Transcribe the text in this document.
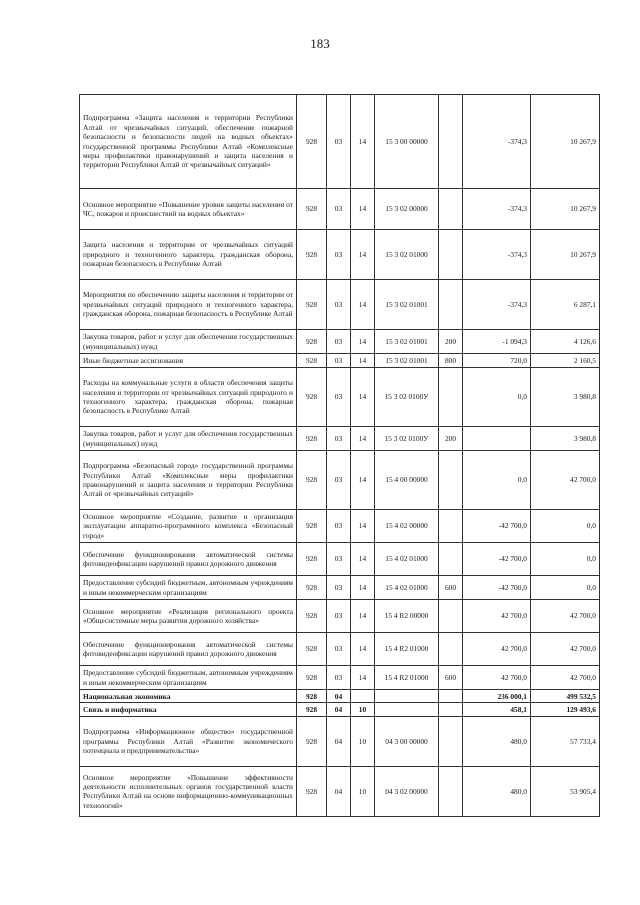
183
Подпрограмма «Защита населения и территории Республики Алтай от чрезвычайных ситуаций, обеспечение пожарной безопасности и безопасности людей на водных объектах» государственной программы Республики Алтай «Комплексные меры профилактики правонарушений и защита населения и территории Республики Алтай от чрезвычайных ситуаций»	928	03	14	15 3 00 00000		-374,3	10 267,9
Основное мероприятие «Повышение уровня защиты населения от ЧС, пожаров и происшествий на водных объектах»	928	03	14	15 3 02 00000		-374,3	10 267,9
Защита населения и территории от чрезвычайных ситуаций природного и техногенного характера, гражданская оборона, пожарная безопасность в Республике Алтай	928	03	14	15 3 02 01000		-374,3	10 267,9
Мероприятия по обеспечению защиты населения и территории от чрезвычайных ситуаций природного и техногенного характера, гражданская оборона, пожарная безопасность в Республике Алтай	928	03	14	15 3 02 01001		-374,3	6 287,1
Закупка товаров, работ и услуг для обеспечения государственных (муниципальных) нужд	928	03	14	15 3 02 01001	200	-1 094,3	4 126,6
Иные бюджетные ассигнования	928	03	14	15 3 02 01001	800	720,0	2 160,5
Расходы на коммунальные услуги в области обеспечения защиты населения и территории от чрезвычайных ситуаций природного и техногенного характера, гражданская оборона, пожарная безопасность в Республике Алтай	928	03	14	15 3 02 0100У		0,0	3 980,8
Закупка товаров, работ и услуг для обеспечения государственных (муниципальных) нужд	928	03	14	15 3 02 0100У	200		3 980,8
Подпрограмма «Безопасный город» государственной программы Республики Алтай «Комплексные меры профилактики правонарушений и защита населения и территории Республики Алтай от чрезвычайных ситуаций»	928	03	14	15 4 00 00000		0,0	42 700,0
Основное мероприятие «Создание, развитие и организация эксплуатации аппаратно-программного комплекса «Безопасный город»	928	03	14	15 4 02 00000		-42 700,0	0,0
Обеспечение функционирования автоматической системы фотовидеофиксации нарушений правил дорожного движения	928	03	14	15 4 02 01000		-42 700,0	0,0
Предоставление субсидий бюджетным, автономным учреждениям и иным некоммерческим организациям	928	03	14	15 4 02 01000	600	-42 700,0	0,0
Основное мероприятие «Реализация регионального проекта «Общесистемные меры развития дорожного хозяйства»	928	03	14	15 4 R2 00000		42 700,0	42 700,0
Обеспечение функционирования автоматической системы фотовидеофиксации нарушений правил дорожного движения	928	03	14	15 4 R2 01000		42 700,0	42 700,0
Предоставление субсидий бюджетным, автономным учреждениям и иным некоммерческим организациям	928	03	14	15 4 R2 01000	600	42 700,0	42 700,0
Национальная экономика	928	04				236 000,1	499 532,5
Связь и информатика	928	04	10			458,1	129 493,6
Подпрограмма «Информационное общество» государственной программы Республики Алтай «Развитие экономического потенциала и предпринимательства»	928	04	10	04 3 00 00000		480,0	57 733,4
Основное мероприятие «Повышение эффективности деятельности исполнительных органов государственной власти Республики Алтай на основе информационно-коммуникационных технологий»	928	04	10	04 3 02 00000		480,0	53 905,4
